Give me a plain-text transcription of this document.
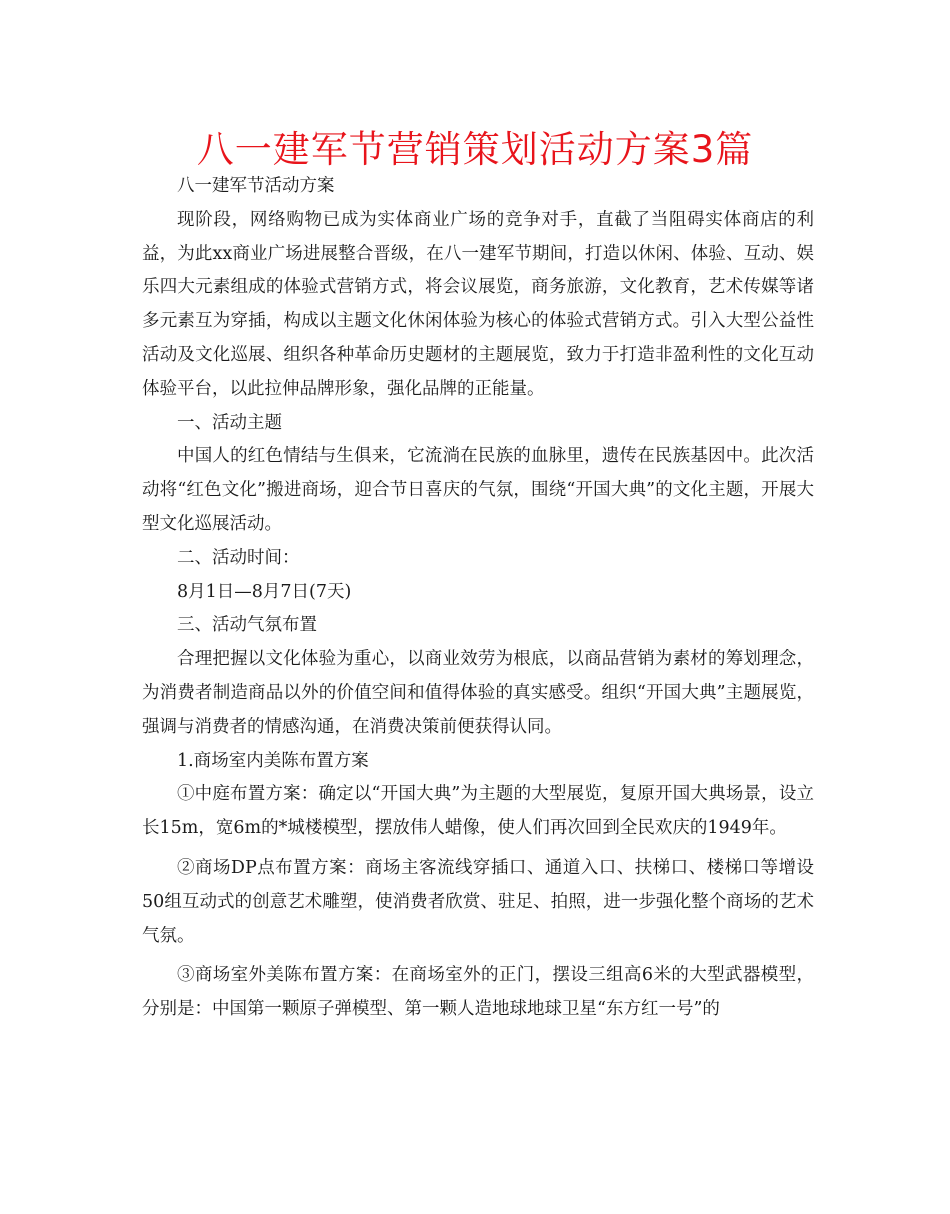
八一建军节营销策划活动方案3篇

八一建军节活动方案

现阶段，网络购物已成为实体商业广场的竞争对手，直截了当阻碍实体商店的利益，为此xx商业广场进展整合晋级，在八一建军节期间，打造以休闲、体验、互动、娱乐四大元素组成的体验式营销方式，将会议展览，商务旅游，文化教育，艺术传媒等诸多元素互为穿插，构成以主题文化休闲体验为核心的体验式营销方式。引入大型公益性活动及文化巡展、组织各种革命历史题材的主题展览，致力于打造非盈利性的文化互动体验平台，以此拉伸品牌形象，强化品牌的正能量。

一、活动主题

中国人的红色情结与生俱来，它流淌在民族的血脉里，遗传在民族基因中。此次活动将“红色文化”搬进商场，迎合节日喜庆的气氛，围绕“开国大典”的文化主题，开展大型文化巡展活动。

二、活动时间：

8月1日—8月7日(7天)

三、活动气氛布置

合理把握以文化体验为重心，以商业效劳为根底，以商品营销为素材的筹划理念，为消费者制造商品以外的价值空间和值得体验的真实感受。组织“开国大典”主题展览，强调与消费者的情感沟通，在消费决策前便获得认同。

1.商场室内美陈布置方案

①中庭布置方案：确定以“开国大典”为主题的大型展览，复原开国大典场景，设立长15m，宽6m的*城楼模型，摆放伟人蜡像，使人们再次回到全民欢庆的1949年。

②商场DP点布置方案：商场主客流线穿插口、通道入口、扶梯口、楼梯口等增设50组互动式的创意艺术雕塑，使消费者欣赏、驻足、拍照，进一步强化整个商场的艺术气氛。

③商场室外美陈布置方案：在商场室外的正门，摆设三组高6米的大型武器模型，分别是：中国第一颗原子弹模型、第一颗人造地球地球卫星“东方红一号”的
